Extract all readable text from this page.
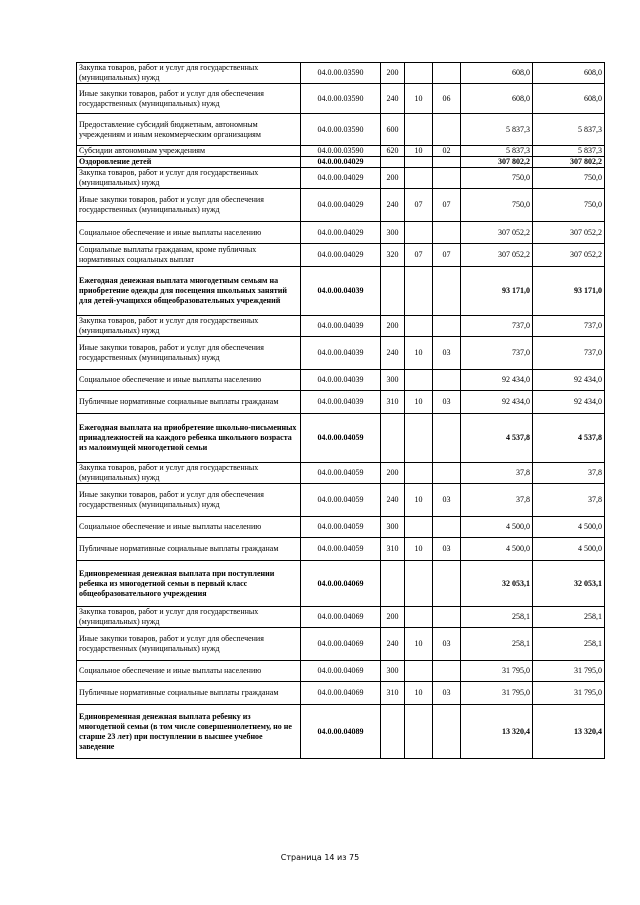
Закупка товаров, работ и услуг для государственных (муниципальных) нужд	04.0.00.03590	200			608,0	608,0
Иные закупки товаров, работ и услуг для обеспечения государственных (муниципальных) нужд	04.0.00.03590	240	10	06	608,0	608,0
Предоставление субсидий бюджетным, автономным учреждениям и иным некоммерческим организациям	04.0.00.03590	600			5 837,3	5 837,3
Субсидии автономным учреждениям	04.0.00.03590	620	10	02	5 837,3	5 837,3
Оздоровление детей	04.0.00.04029				307 802,2	307 802,2
Закупка товаров, работ и услуг для государственных (муниципальных) нужд	04.0.00.04029	200			750,0	750,0
Иные закупки товаров, работ и услуг для обеспечения государственных (муниципальных) нужд	04.0.00.04029	240	07	07	750,0	750,0
Социальное обеспечение и иные выплаты населению	04.0.00.04029	300			307 052,2	307 052,2
Социальные выплаты гражданам, кроме публичных нормативных социальных выплат	04.0.00.04029	320	07	07	307 052,2	307 052,2
Ежегодная денежная выплата многодетным семьям на приобретение одежды для посещения школьных занятий для детей-учащихся общеобразовательных учреждений	04.0.00.04039				93 171,0	93 171,0
Закупка товаров, работ и услуг для государственных (муниципальных) нужд	04.0.00.04039	200			737,0	737,0
Иные закупки товаров, работ и услуг для обеспечения государственных (муниципальных) нужд	04.0.00.04039	240	10	03	737,0	737,0
Социальное обеспечение и иные выплаты населению	04.0.00.04039	300			92 434,0	92 434,0
Публичные нормативные социальные выплаты гражданам	04.0.00.04039	310	10	03	92 434,0	92 434,0
Ежегодная выплата на приобретение школьно-письменных принадлежностей на каждого ребенка школьного возраста из малоимущей многодетной семьи	04.0.00.04059				4 537,8	4 537,8
Закупка товаров, работ и услуг для государственных (муниципальных) нужд	04.0.00.04059	200			37,8	37,8
Иные закупки товаров, работ и услуг для обеспечения государственных (муниципальных) нужд	04.0.00.04059	240	10	03	37,8	37,8
Социальное обеспечение и иные выплаты населению	04.0.00.04059	300			4 500,0	4 500,0
Публичные нормативные социальные выплаты гражданам	04.0.00.04059	310	10	03	4 500,0	4 500,0
Единовременная денежная выплата при поступлении ребенка из многодетной семьи в первый класс общеобразовательного учреждения	04.0.00.04069				32 053,1	32 053,1
Закупка товаров, работ и услуг для государственных (муниципальных) нужд	04.0.00.04069	200			258,1	258,1
Иные закупки товаров, работ и услуг для обеспечения государственных (муниципальных) нужд	04.0.00.04069	240	10	03	258,1	258,1
Социальное обеспечение и иные выплаты населению	04.0.00.04069	300			31 795,0	31 795,0
Публичные нормативные социальные выплаты гражданам	04.0.00.04069	310	10	03	31 795,0	31 795,0
Единовременная денежная выплата ребенку из многодетной семьи (в том числе совершеннолетнему, но не старше 23 лет) при поступлении в высшее учебное заведение	04.0.00.04089				13 320,4	13 320,4
Страница 14 из 75
